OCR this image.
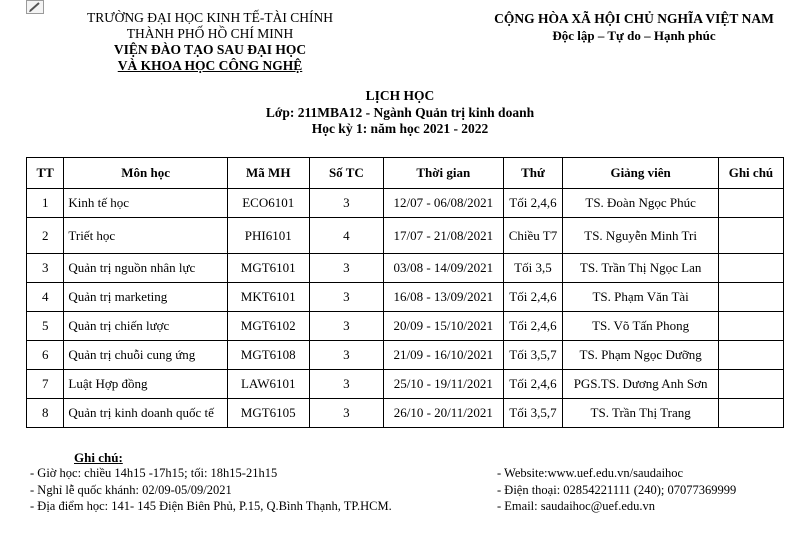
TRƯỜNG ĐẠI HỌC KINH TẾ-TÀI CHÍNH
THÀNH PHỐ HỒ CHÍ MINH
VIỆN ĐÀO TẠO SAU ĐẠI HỌC
VÀ KHOA HỌC CÔNG NGHỆ
CỘNG HÒA XÃ HỘI CHỦ NGHĨA VIỆT NAM
Độc lập – Tự do – Hạnh phúc
LỊCH HỌC
Lớp: 211MBA12 - Ngành Quản trị kinh doanh
Học kỳ 1: năm học 2021 - 2022
TT	Môn học	Mã MH	Số TC	Thời gian	Thứ	Giảng viên	Ghi chú
1	Kinh tế học	ECO6101	3	12/07 - 06/08/2021	Tối 2,4,6	TS. Đoàn Ngọc Phúc	
2	Triết học	PHI6101	4	17/07 - 21/08/2021	Chiều T7	TS. Nguyễn Minh Tri	
3	Quản trị nguồn nhân lực	MGT6101	3	03/08 - 14/09/2021	Tối 3,5	TS. Trần Thị Ngọc Lan	
4	Quản trị marketing	MKT6101	3	16/08 - 13/09/2021	Tối 2,4,6	TS. Phạm Văn Tài	
5	Quản trị chiến lược	MGT6102	3	20/09 - 15/10/2021	Tối 2,4,6	TS. Võ Tấn Phong	
6	Quản trị chuỗi cung ứng	MGT6108	3	21/09 - 16/10/2021	Tối 3,5,7	TS. Phạm Ngọc Dưỡng	
7	Luật Hợp đồng	LAW6101	3	25/10 - 19/11/2021	Tối 2,4,6	PGS.TS. Dương Anh Sơn	
8	Quản trị kinh doanh quốc tế	MGT6105	3	26/10 - 20/11/2021	Tối 3,5,7	TS. Trần Thị Trang	
Ghi chú:
- Giờ học: chiều 14h15 -17h15; tối: 18h15-21h15
- Nghỉ lễ quốc khánh: 02/09-05/09/2021
- Địa điểm học: 141- 145 Điện Biên Phủ, P.15, Q.Bình Thạnh, TP.HCM.
- Website:www.uef.edu.vn/saudaihoc
- Điện thoại: 02854221111 (240); 07077369999
- Email: saudaihoc@uef.edu.vn
